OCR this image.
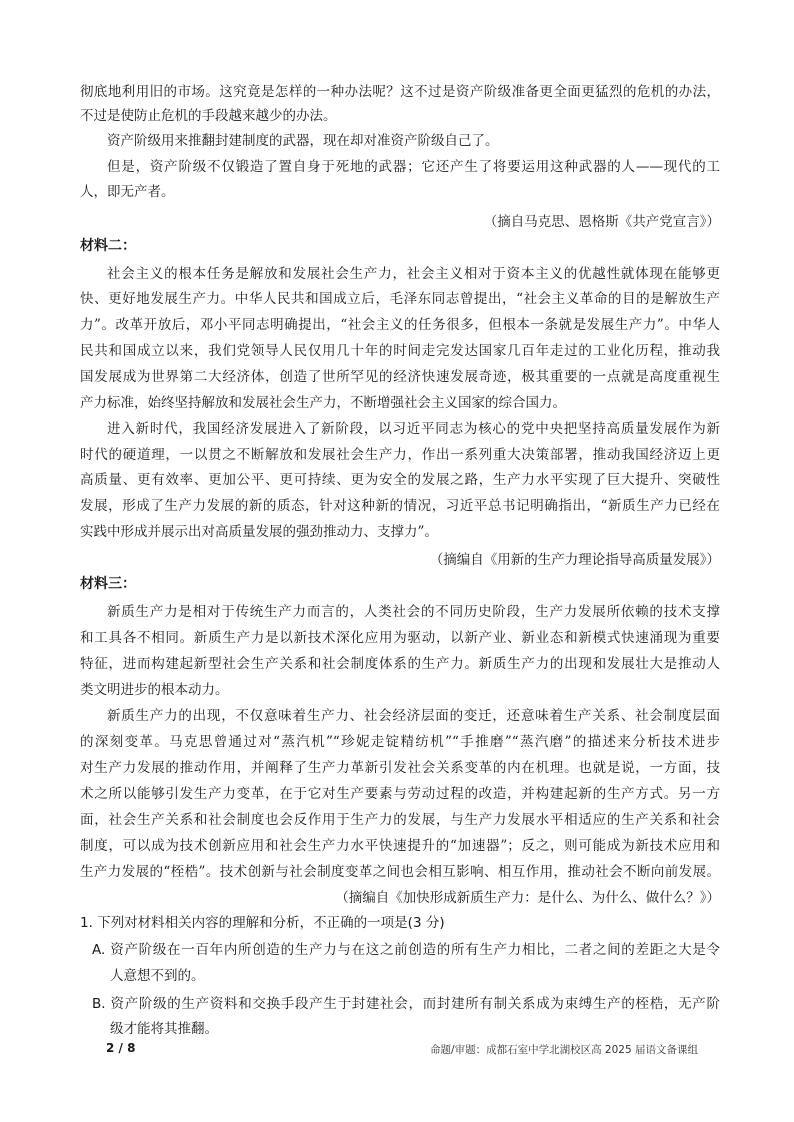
彻底地利用旧的市场。这究竟是怎样的一种办法呢？这不过是资产阶级准备更全面更猛烈的危机的办法，
不过是使防止危机的手段越来越少的办法。
资产阶级用来推翻封建制度的武器，现在却对准资产阶级自己了。
但是，资产阶级不仅锻造了置自身于死地的武器；它还产生了将要运用这种武器的人——现代的工
人，即无产者。
（摘自马克思、恩格斯《共产党宣言》）
材料二：
社会主义的根本任务是解放和发展社会生产力，社会主义相对于资本主义的优越性就体现在能够更
快、更好地发展生产力。中华人民共和国成立后，毛泽东同志曾提出，“社会主义革命的目的是解放生产
力”。改革开放后，邓小平同志明确提出，“社会主义的任务很多，但根本一条就是发展生产力”。中华人
民共和国成立以来，我们党领导人民仅用几十年的时间走完发达国家几百年走过的工业化历程，推动我
国发展成为世界第二大经济体，创造了世所罕见的经济快速发展奇迹，极其重要的一点就是高度重视生
产力标准，始终坚持解放和发展社会生产力，不断增强社会主义国家的综合国力。
进入新时代，我国经济发展进入了新阶段，以习近平同志为核心的党中央把坚持高质量发展作为新
时代的硬道理，一以贯之不断解放和发展社会生产力，作出一系列重大决策部署，推动我国经济迈上更
高质量、更有效率、更加公平、更可持续、更为安全的发展之路，生产力水平实现了巨大提升、突破性
发展，形成了生产力发展的新的质态，针对这种新的情况，习近平总书记明确指出，“新质生产力已经在
实践中形成并展示出对高质量发展的强劲推动力、支撑力”。
（摘编自《用新的生产力理论指导高质量发展》）
材料三：
新质生产力是相对于传统生产力而言的，人类社会的不同历史阶段，生产力发展所依赖的技术支撑
和工具各不相同。新质生产力是以新技术深化应用为驱动，以新产业、新业态和新模式快速涌现为重要
特征，进而构建起新型社会生产关系和社会制度体系的生产力。新质生产力的出现和发展壮大是推动人
类文明进步的根本动力。
新质生产力的出现，不仅意味着生产力、社会经济层面的变迁，还意味着生产关系、社会制度层面
的深刻变革。马克思曾通过对“蒸汽机”“珍妮走锭精纺机”“手推磨”“蒸汽磨”的描述来分析技术进步
对生产力发展的推动作用，并阐释了生产力革新引发社会关系变革的内在机理。也就是说，一方面，技
术之所以能够引发生产力变革，在于它对生产要素与劳动过程的改造，并构建起新的生产方式。另一方
面，社会生产关系和社会制度也会反作用于生产力的发展，与生产力发展水平相适应的生产关系和社会
制度，可以成为技术创新应用和社会生产力水平快速提升的“加速器”；反之，则可能成为新技术应用和
生产力发展的“桎梏”。技术创新与社会制度变革之间也会相互影响、相互作用，推动社会不断向前发展。
（摘编自《加快形成新质生产力：是什么、为什么、做什么？》）
1. 下列对材料相关内容的理解和分析，不正确的一项是(3 分)
A. 资产阶级在一百年内所创造的生产力与在这之前创造的所有生产力相比，二者之间的差距之大是令
人意想不到的。
B. 资产阶级的生产资料和交换手段产生于封建社会，而封建所有制关系成为束缚生产的桎梏，无产阶
级才能将其推翻。
2 / 8	命题/审题：成都石室中学北湖校区高 2025 届语文备课组
